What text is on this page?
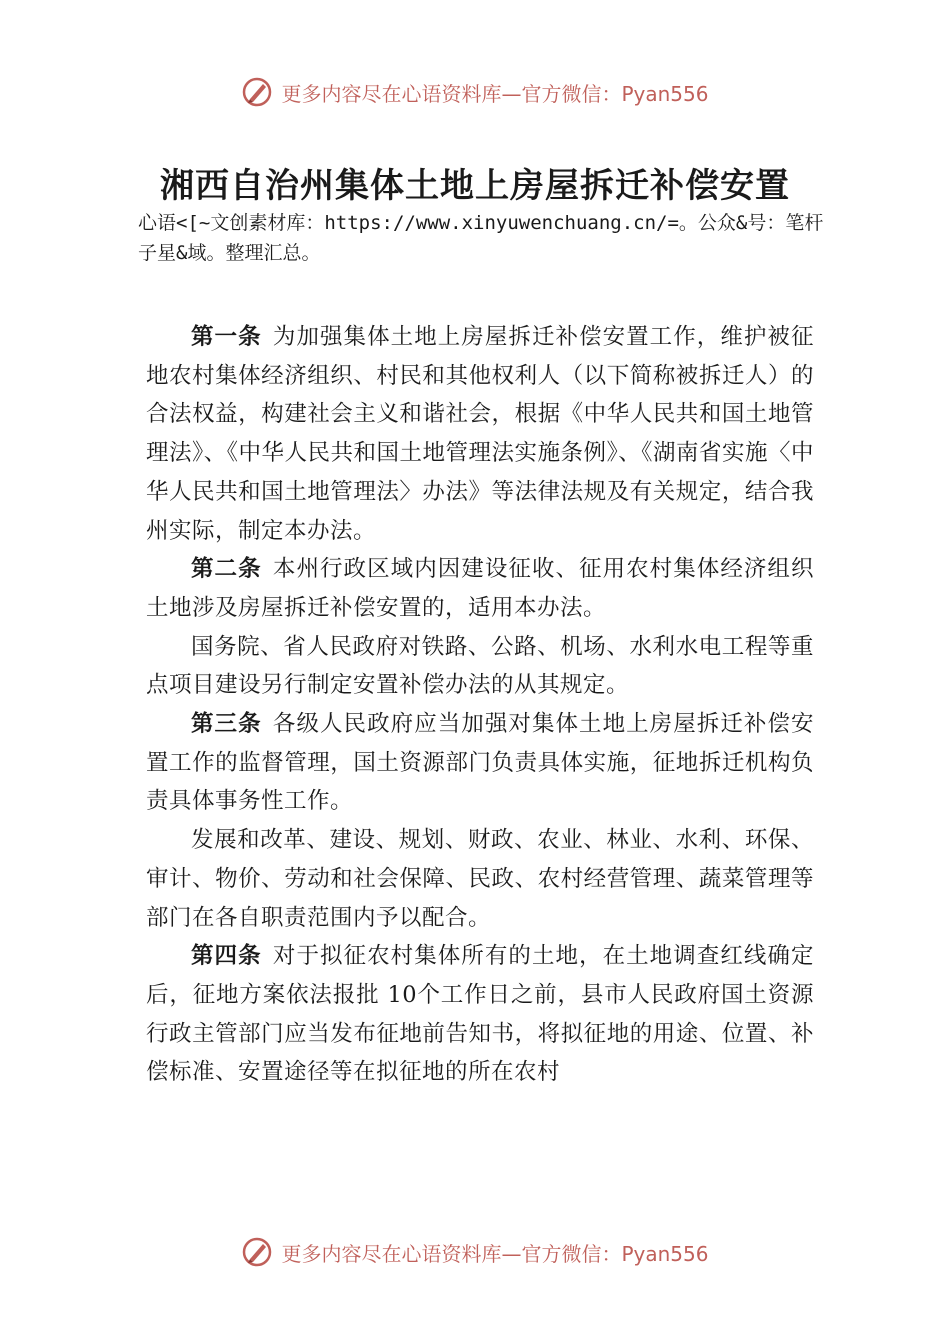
更多内容尽在心语资料库—官方微信：Pyan556
湘西自治州集体土地上房屋拆迁补偿安置

心语<[~文创素材库：https://www.xinyuwenchuang.cn/=。公众&号：笔杆子星&域。整理汇总。

第一条 为加强集体土地上房屋拆迁补偿安置工作，维护被征地农村集体经济组织、村民和其他权利人（以下简称被拆迁人）的合法权益，构建社会主义和谐社会，根据《中华人民共和国土地管理法》、《中华人民共和国土地管理法实施条例》、《湖南省实施〈中华人民共和国土地管理法〉办法》等法律法规及有关规定，结合我州实际，制定本办法。

第二条 本州行政区域内因建设征收、征用农村集体经济组织土地涉及房屋拆迁补偿安置的，适用本办法。

国务院、省人民政府对铁路、公路、机场、水利水电工程等重点项目建设另行制定安置补偿办法的从其规定。

第三条 各级人民政府应当加强对集体土地上房屋拆迁补偿安置工作的监督管理，国土资源部门负责具体实施，征地拆迁机构负责具体事务性工作。

发展和改革、建设、规划、财政、农业、林业、水利、环保、审计、物价、劳动和社会保障、民政、农村经营管理、蔬菜管理等部门在各自职责范围内予以配合。

第四条 对于拟征农村集体所有的土地，在土地调查红线确定后，征地方案依法报批 10个工作日之前，县市人民政府国土资源行政主管部门应当发布征地前告知书，将拟征地的用途、位置、补偿标准、安置途径等在拟征地的所在农村

更多内容尽在心语资料库—官方微信：Pyan556
